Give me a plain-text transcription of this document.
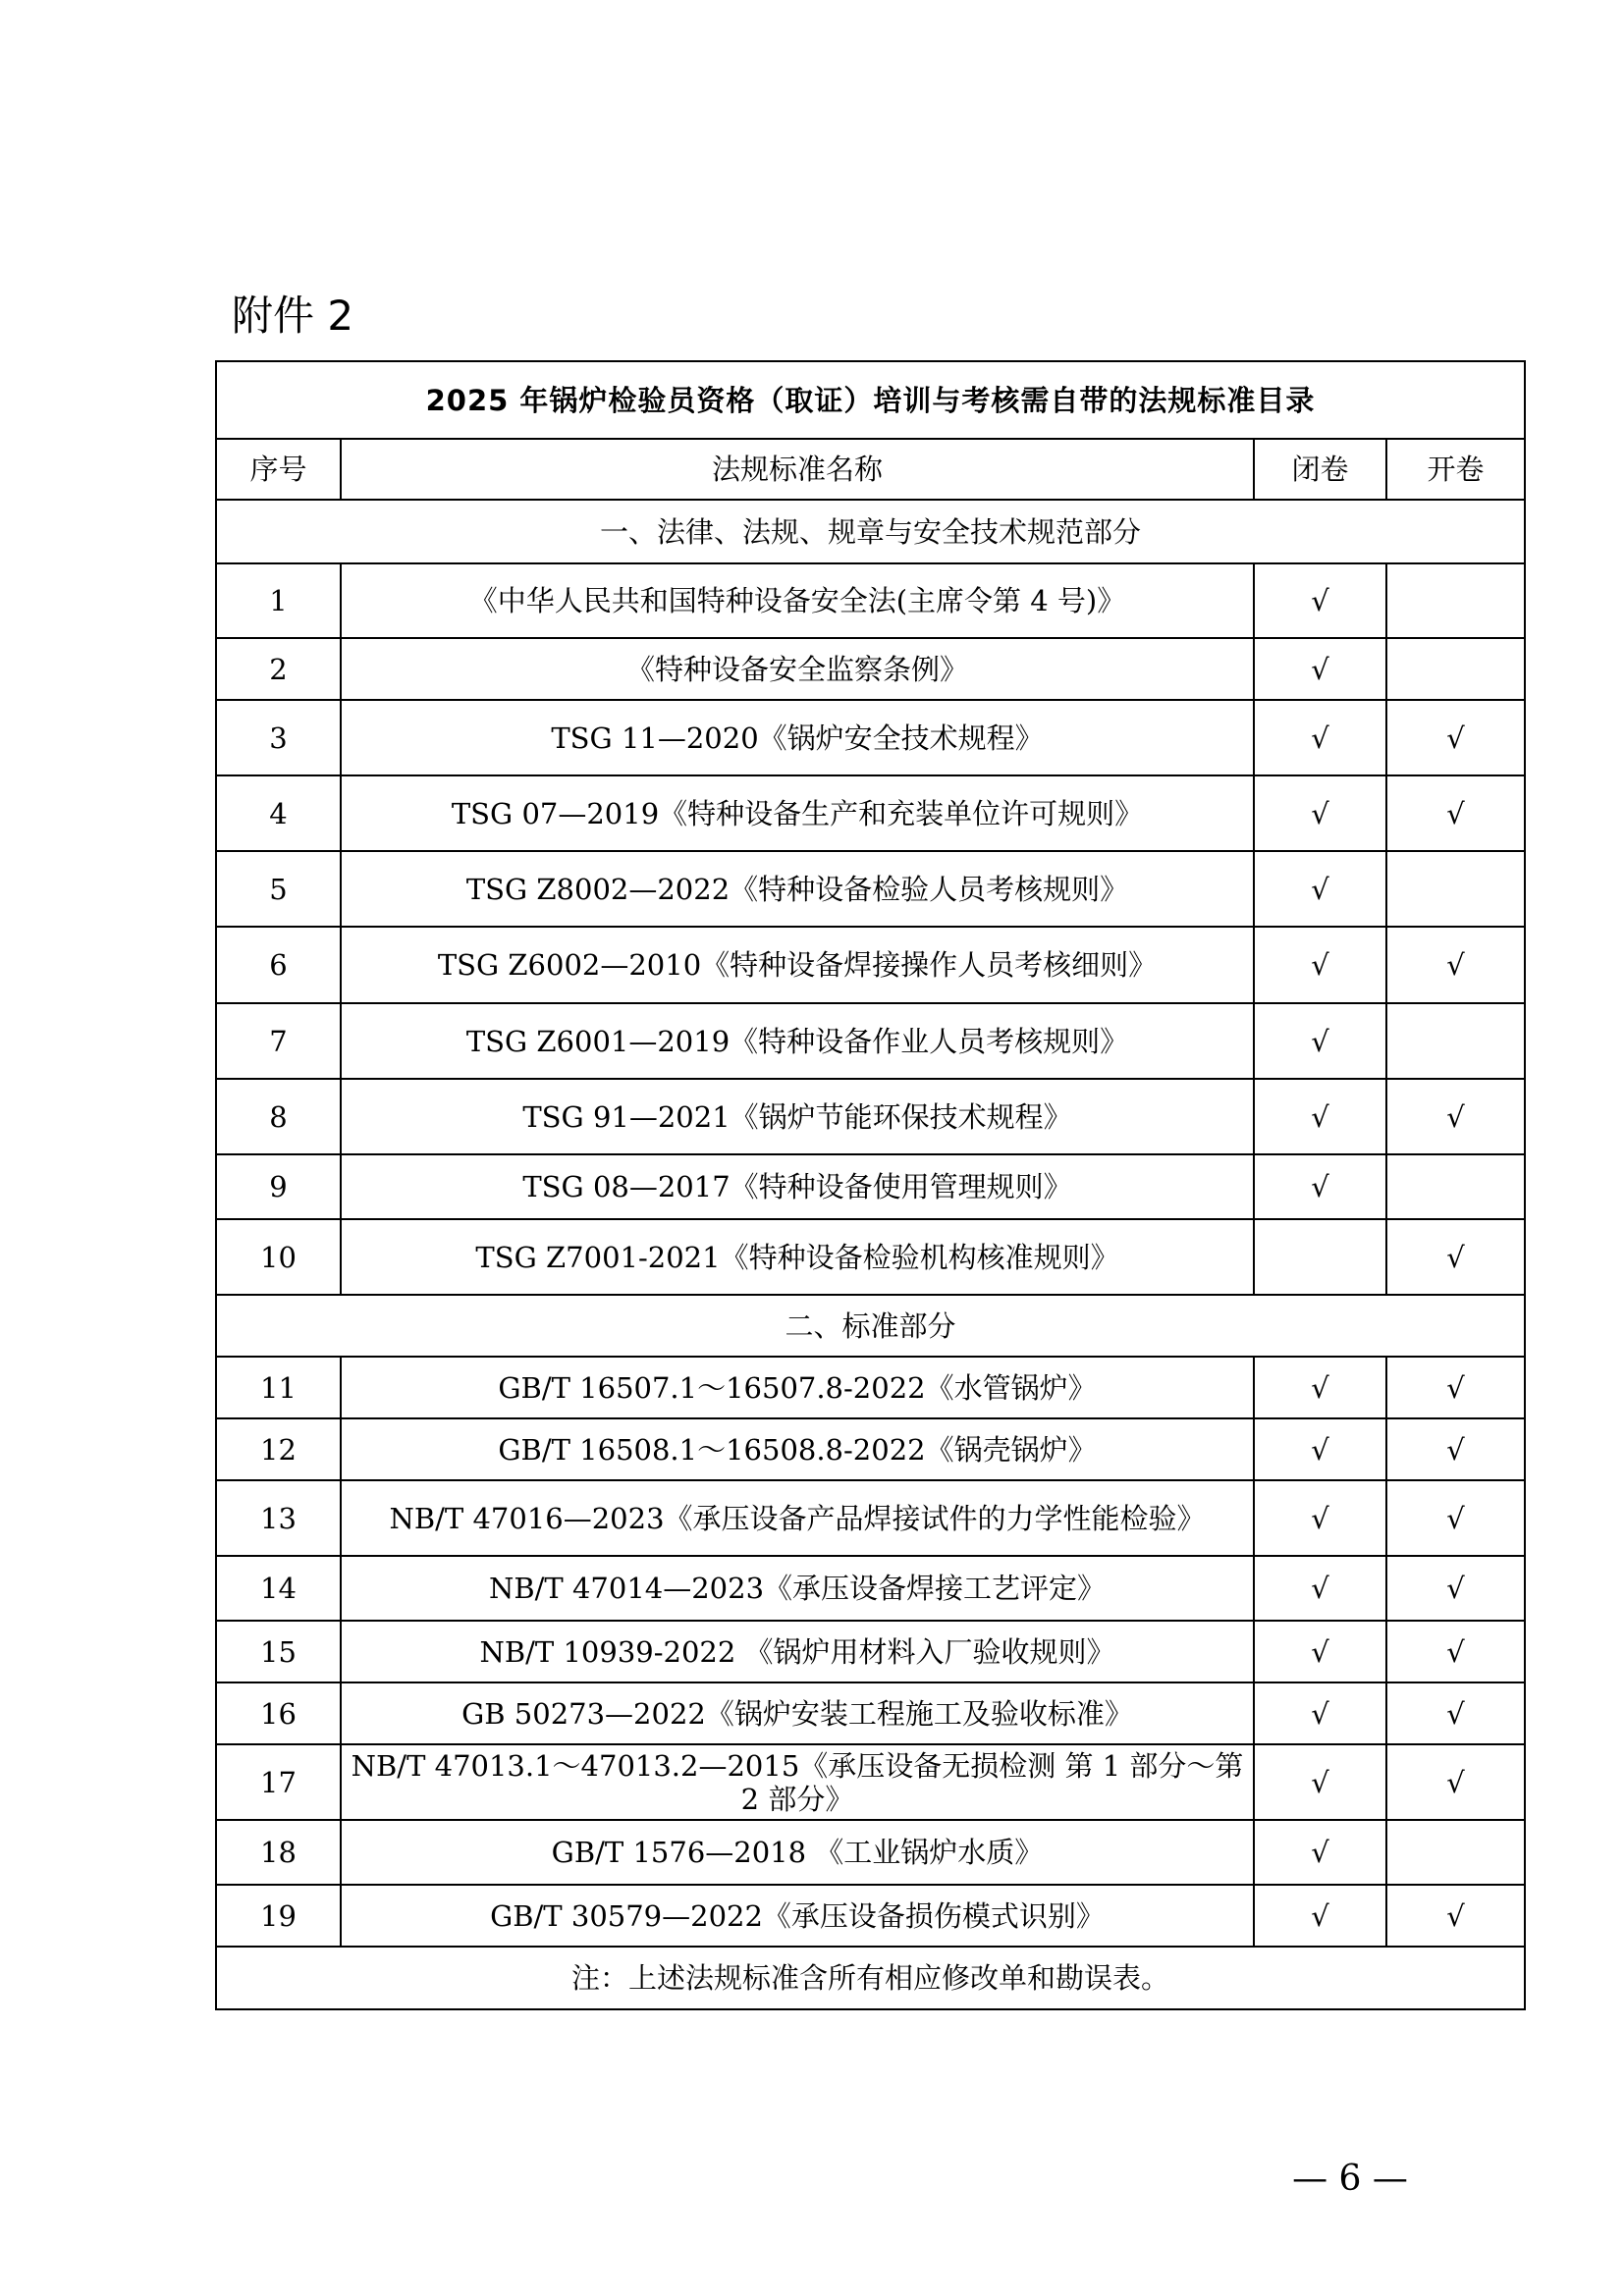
附件 2
2025 年锅炉检验员资格（取证）培训与考核需自带的法规标准目录			
序号	法规标准名称	闭卷	开卷
一、法律、法规、规章与安全技术规范部分			
1	《中华人民共和国特种设备安全法(主席令第 4 号)》	√	
2	《特种设备安全监察条例》	√	
3	TSG 11—2020《锅炉安全技术规程》	√	√
4	TSG 07—2019《特种设备生产和充装单位许可规则》	√	√
5	TSG Z8002—2022《特种设备检验人员考核规则》	√	
6	TSG Z6002—2010《特种设备焊接操作人员考核细则》	√	√
7	TSG Z6001—2019《特种设备作业人员考核规则》	√	
8	TSG 91—2021《锅炉节能环保技术规程》	√	√
9	TSG 08—2017《特种设备使用管理规则》	√	
10	TSG Z7001-2021《特种设备检验机构核准规则》		√
二、标准部分			
11	GB/T 16507.1～16507.8-2022《水管锅炉》	√	√
12	GB/T 16508.1～16508.8-2022《锅壳锅炉》	√	√
13	NB/T 47016—2023《承压设备产品焊接试件的力学性能检验》	√	√
14	NB/T 47014—2023《承压设备焊接工艺评定》	√	√
15	NB/T 10939-2022 《锅炉用材料入厂验收规则》	√	√
16	GB 50273—2022《锅炉安装工程施工及验收标准》	√	√
17	NB/T 47013.1～47013.2—2015《承压设备无损检测 第 1 部分～第 2 部分》	√	√
18	GB/T 1576—2018 《工业锅炉水质》	√	
19	GB/T 30579—2022《承压设备损伤模式识别》	√	√
注：上述法规标准含所有相应修改单和勘误表。			
— 6 —
